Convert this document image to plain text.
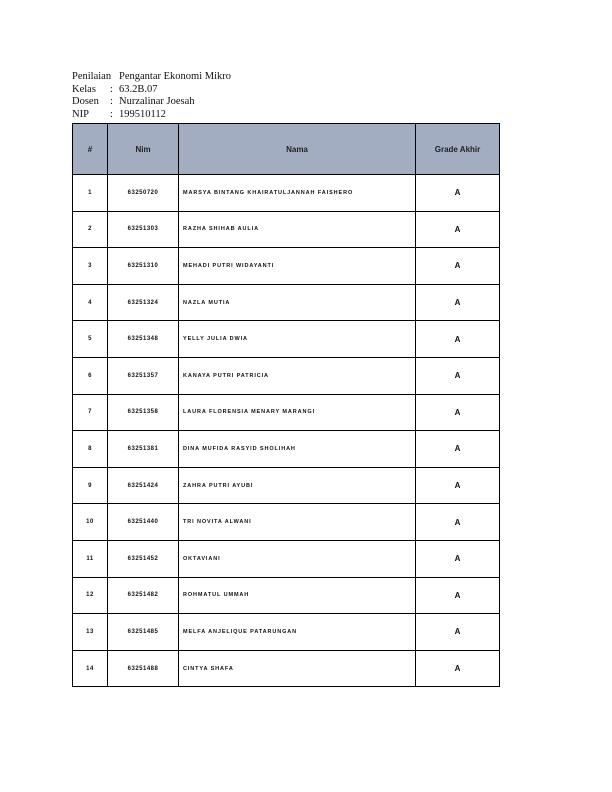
Penilaian Pengantar Ekonomi Mikro
Kelas	: 63.2B.07
Dosen	: Nurzalinar Joesah
NIP	: 199510112
#	Nim	Nama	Grade Akhir
1	63250720	MARSYA BINTANG KHAIRATULJANNAH FAISHERO	A
2	63251303	RAZHA SHIHAB AULIA	A
3	63251310	MEHADI PUTRI WIDAYANTI	A
4	63251324	NAZLA MUTIA	A
5	63251348	YELLY JULIA DWIA	A
6	63251357	KANAYA PUTRI PATRICIA	A
7	63251358	LAURA FLORENSIA MENARY MARANGI	A
8	63251381	DINA MUFIDA RASYID SHOLIHAH	A
9	63251424	ZAHRA PUTRI AYUBI	A
10	63251440	TRI NOVITA ALWANI	A
11	63251452	OKTAVIANI	A
12	63251482	ROHMATUL UMMAH	A
13	63251485	MELFA ANJELIQUE PATARUNGAN	A
14	63251488	CINTYA SHAFA	A
